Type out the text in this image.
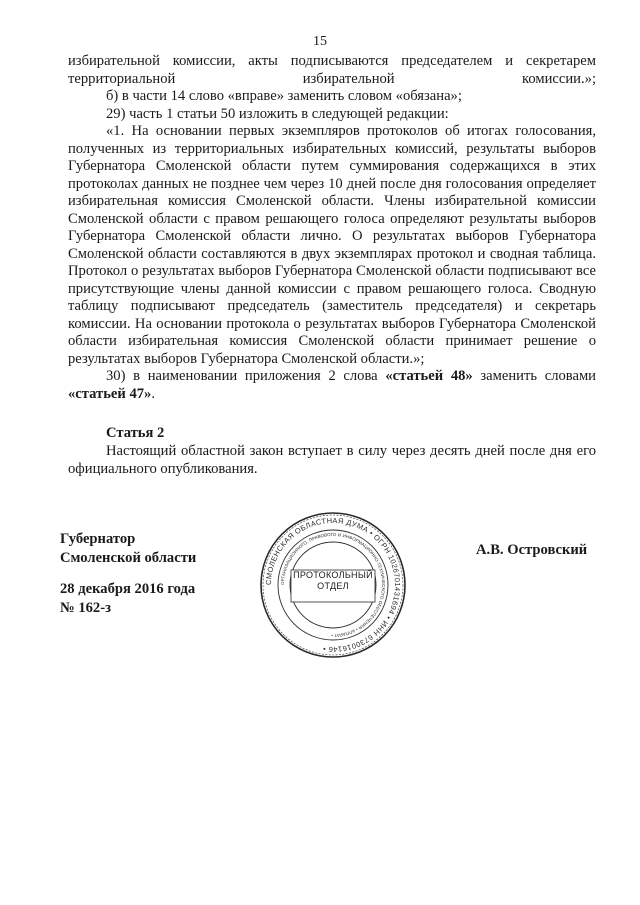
15

избирательной комиссии, акты подписываются председателем и секретарем территориальной избирательной комиссии.»;

б) в части 14 слово «вправе» заменить словом «обязана»;

29) часть 1 статьи 50 изложить в следующей редакции:

«1. На основании первых экземпляров протоколов об итогах голосования, полученных из территориальных избирательных комиссий, результаты выборов Губернатора Смоленской области путем суммирования содержащихся в этих протоколах данных не позднее чем через 10 дней после дня голосования определяет избирательная комиссия Смоленской области. Члены избирательной комиссии Смоленской области с правом решающего голоса определяют результаты выборов Губернатора Смоленской области лично. О результатах выборов Губернатора Смоленской области составляются в двух экземплярах протокол и сводная таблица. Протокол о результатах выборов Губернатора Смоленской области подписывают все присутствующие члены данной комиссии с правом решающего голоса. Сводную таблицу подписывают председатель (заместитель председателя) и секретарь комиссии. На основании протокола о результатах выборов Губернатора Смоленской области избирательная комиссия Смоленской области принимает решение о результатах выборов Губернатора Смоленской области.»;

30) в наименовании приложения 2 слова «статьей 48» заменить словами «статьей 47».

Статья 2
Настоящий областной закон вступает в силу через десять дней после дня его официального опубликования.
Губернатор
Смоленской области
28 декабря 2016 года
№ 162-з
А.В. Островский
СМОЛЕНСКАЯ ОБЛАСТНАЯ ДУМА • ОГРН 1026701431694 • ИНН 6730016146 •
ОРГАНИЗАЦИОННОГО, ПРАВОВОГО И ИНФОРМАЦИОННО-ТЕХНИЧЕСКОГО ОБЕСПЕЧЕНИЯ • АППАРАТ •
ПРОТОКОЛЬНЫЙ
ОТДЕЛ
